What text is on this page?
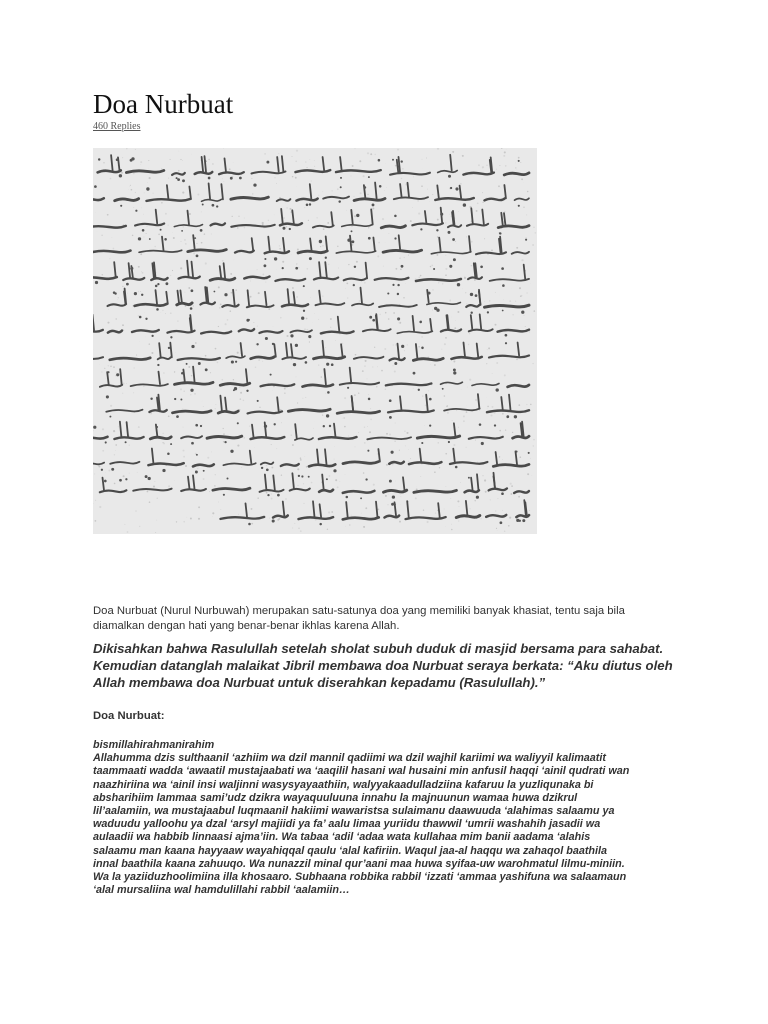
Doa Nurbuat
460 Replies

Doa Nurbuat (Nurul Nurbuwah) merupakan satu-satunya doa yang memiliki banyak khasiat, tentu saja bila diamalkan dengan hati yang benar-benar ikhlas karena Allah.

Dikisahkan bahwa Rasulullah setelah sholat subuh duduk di masjid bersama para sahabat. Kemudian datanglah malaikat Jibril membawa doa Nurbuat seraya berkata: “Aku diutus oleh Allah membawa doa Nurbuat untuk diserahkan kepadamu (Rasulullah).”

Doa Nurbuat:

bismillahirahmanirahim
Allahumma dzis sulthaanil ‘azhiim wa dzil mannil qadiimi wa dzil wajhil kariimi wa waliyyil kalimaatit
taammaati wadda ‘awaatil mustajaabati wa ‘aaqilil hasani wal husaini min anfusil haqqi ‘ainil qudrati wan
naazhiriina wa ‘ainil insi waljinni wasysyayaathiin, walyyakaadulladziina kafaruu la yuzliqunaka bi
absharihiim lammaa sami’udz dzikra wayaquuluuna innahu la majnuunun wamaa huwa dzikrul
lil’aalamiin, wa mustajaabul luqmaanil hakiimi wawaristsa sulaimanu daawuuda ‘alahimas salaamu ya
waduudu yalloohu ya dzal ‘arsyl majiidi ya fa’ aalu limaa yuriidu thawwil ‘umrii washahih jasadii wa
aulaadii wa habbib linnaasi ajma’iin. Wa tabaa ‘adil ‘adaa wata kullahaa mim banii aadama ‘alahis
salaamu man kaana hayyaaw wayahiqqal qaulu ‘alal kafiriin. Waqul jaa-al haqqu wa zahaqol baathila
innal baathila kaana zahuuqo. Wa nunazzil minal qur’aani maa huwa syifaa-uw warohmatul lilmu-miniin.
Wa la yaziiduzhoolimiina illa khosaaro. Subhaana robbika rabbil ‘izzati ‘ammaa yashifuna wa salaamaun
‘alal mursaliina wal hamdulillahi rabbil ‘aalamiin…
